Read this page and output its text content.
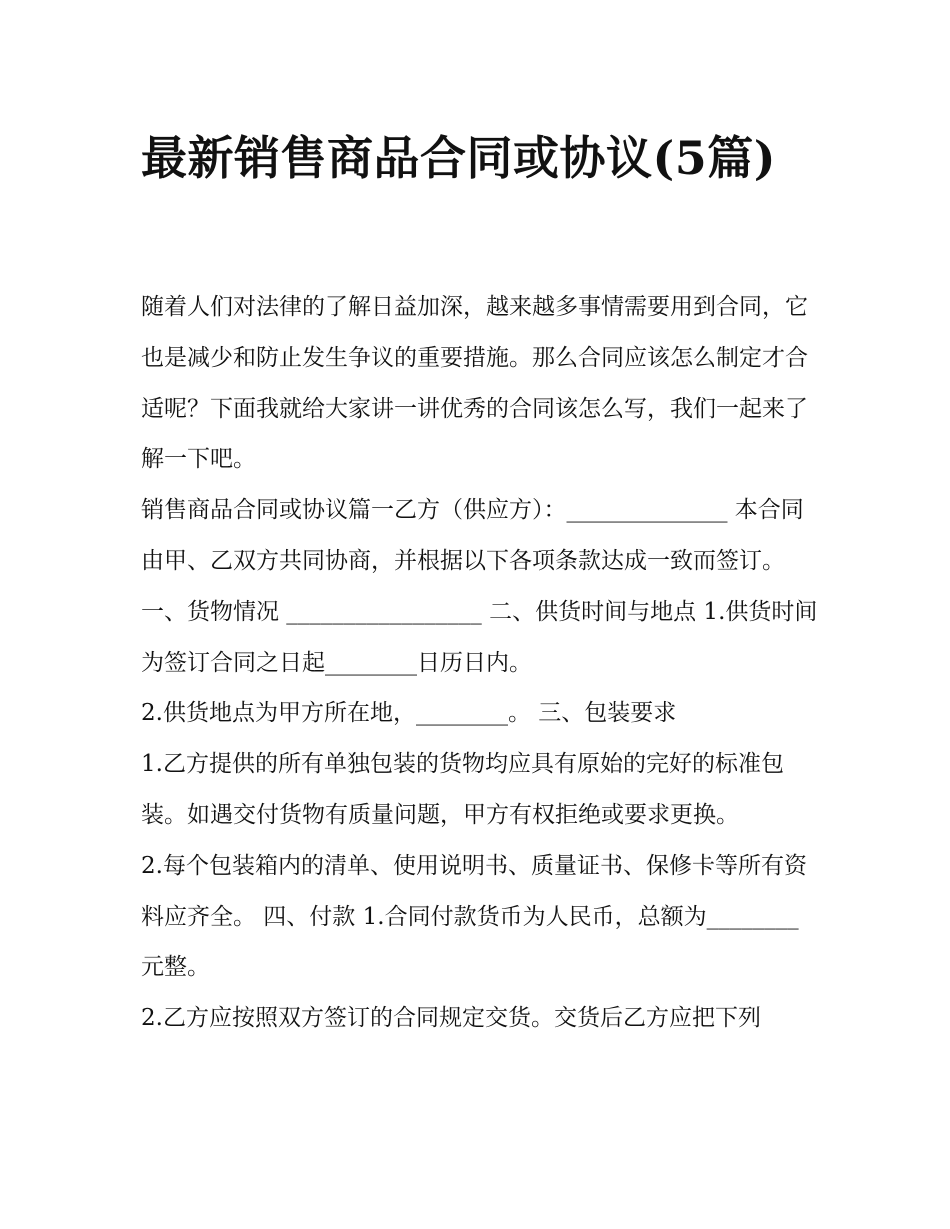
最新销售商品合同或协议(5篇)

随着人们对法律的了解日益加深，越来越多事情需要用到合同，它也是减少和防止发生争议的重要措施。那么合同应该怎么制定才合适呢？下面我就给大家讲一讲优秀的合同该怎么写，我们一起来了解一下吧。

销售商品合同或协议篇一乙方（供应方）：______________ 本合同由甲、乙双方共同协商，并根据以下各项条款达成一致而签订。 一、货物情况 _________________ 二、供货时间与地点 1.供货时间为签订合同之日起________日历日内。

2.供货地点为甲方所在地，________。 三、包装要求

1.乙方提供的所有单独包装的货物均应具有原始的完好的标准包装。如遇交付货物有质量问题，甲方有权拒绝或要求更换。

2.每个包装箱内的清单、使用说明书、质量证书、保修卡等所有资料应齐全。 四、付款 1.合同付款货币为人民币，总额为________元整。

2.乙方应按照双方签订的合同规定交货。交货后乙方应把下列
